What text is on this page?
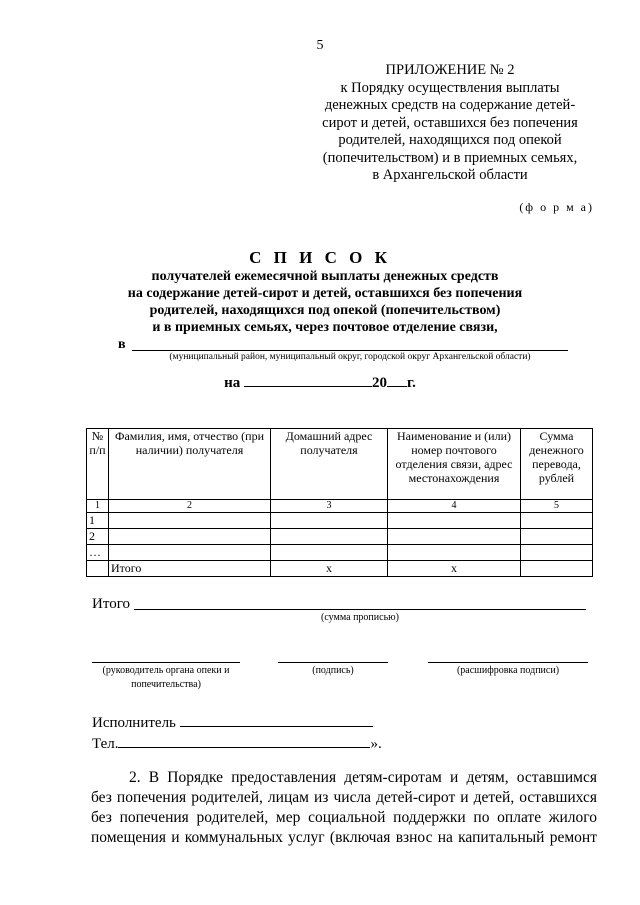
5
ПРИЛОЖЕНИЕ № 2
к Порядку осуществления выплаты
денежных средств на содержание детей-
сирот и детей, оставшихся без попечения
родителей, находящихся под опекой
(попечительством) и в приемных семьях,
в Архангельской области
(ф о р м а)
С П И С О К
получателей ежемесячной выплаты денежных средств
на содержание детей-сирот и детей, оставшихся без попечения
родителей, находящихся под опекой (попечительством)
и в приемных семьях, через почтовое отделение связи,
в
(муниципальный район, муниципальный округ, городской округ Архангельской области)
на	20 г.
№ п/п	Фамилия, имя, отчество (при наличии) получателя	Домашний адрес получателя	Наименование и (или) номер почтового отделения связи, адрес местонахождения	Сумма денежного перевода, рублей
1	2	3	4	5
1				
2				
…				
	Итого	x	x	
Итого
(сумма прописью)
(руководитель органа опеки и попечительства)
(подпись)	(расшифровка подписи)
Исполнитель
Тел.	».
2. В Порядке предоставления детям-сиротам и детям, оставшимся
без попечения родителей, лицам из числа детей-сирот и детей, оставшихся
без попечения родителей, мер социальной поддержки по оплате жилого
помещения и коммунальных услуг (включая взнос на капитальный ремонт
